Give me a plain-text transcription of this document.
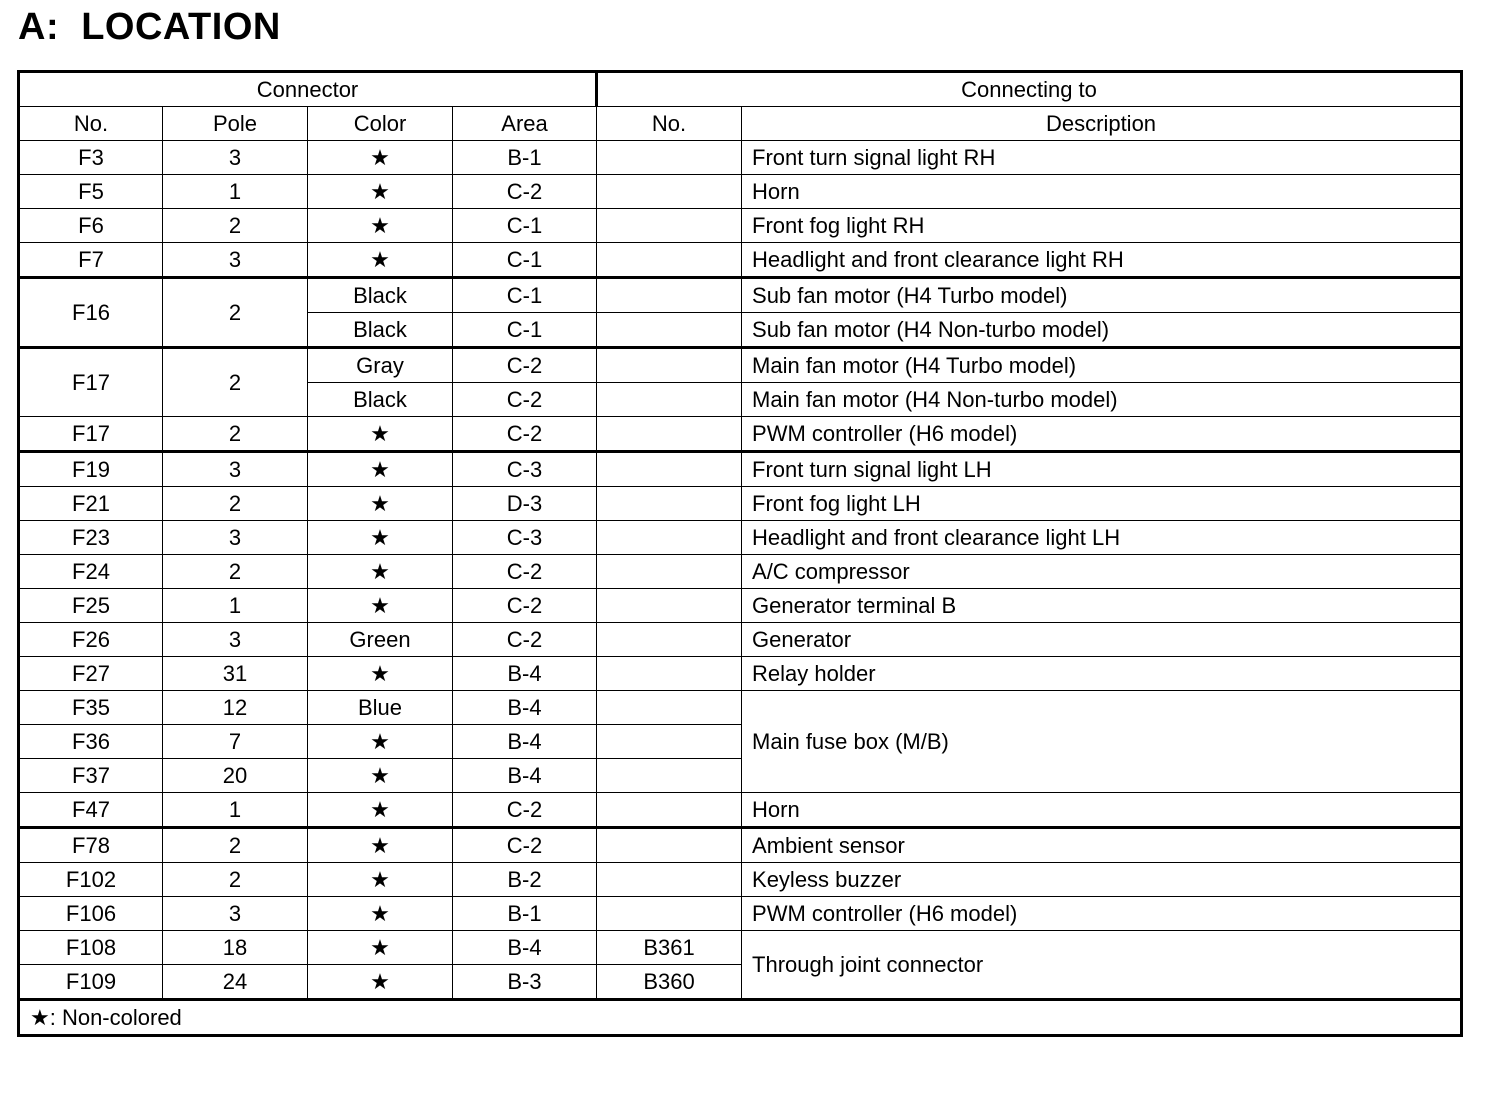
A:  LOCATION
Connector				Connecting to	
No.	Pole	Color	Area	No.	Description
F3	3	★	B-1		Front turn signal light RH
F5	1	★	C-2		Horn
F6	2	★	C-1		Front fog light RH
F7	3	★	C-1		Headlight and front clearance light RH
F16	2	Black	C-1		Sub fan motor (H4 Turbo model)
		Black	C-1		Sub fan motor (H4 Non-turbo model)
F17	2	Gray	C-2		Main fan motor (H4 Turbo model)
		Black	C-2		Main fan motor (H4 Non-turbo model)
F17	2	★	C-2		PWM controller (H6 model)
F19	3	★	C-3		Front turn signal light LH
F21	2	★	D-3		Front fog light LH
F23	3	★	C-3		Headlight and front clearance light LH
F24	2	★	C-2		A/C compressor
F25	1	★	C-2		Generator terminal B
F26	3	Green	C-2		Generator
F27	31	★	B-4		Relay holder
F35	12	Blue	B-4		Main fuse box (M/B)
F36	7	★	B-4		
F37	20	★	B-4		
F47	1	★	C-2		Horn
F78	2	★	C-2		Ambient sensor
F102	2	★	B-2		Keyless buzzer
F106	3	★	B-1		PWM controller (H6 model)
F108	18	★	B-4	B361	Through joint connector
F109	24	★	B-3	B360	
★: Non-colored					
